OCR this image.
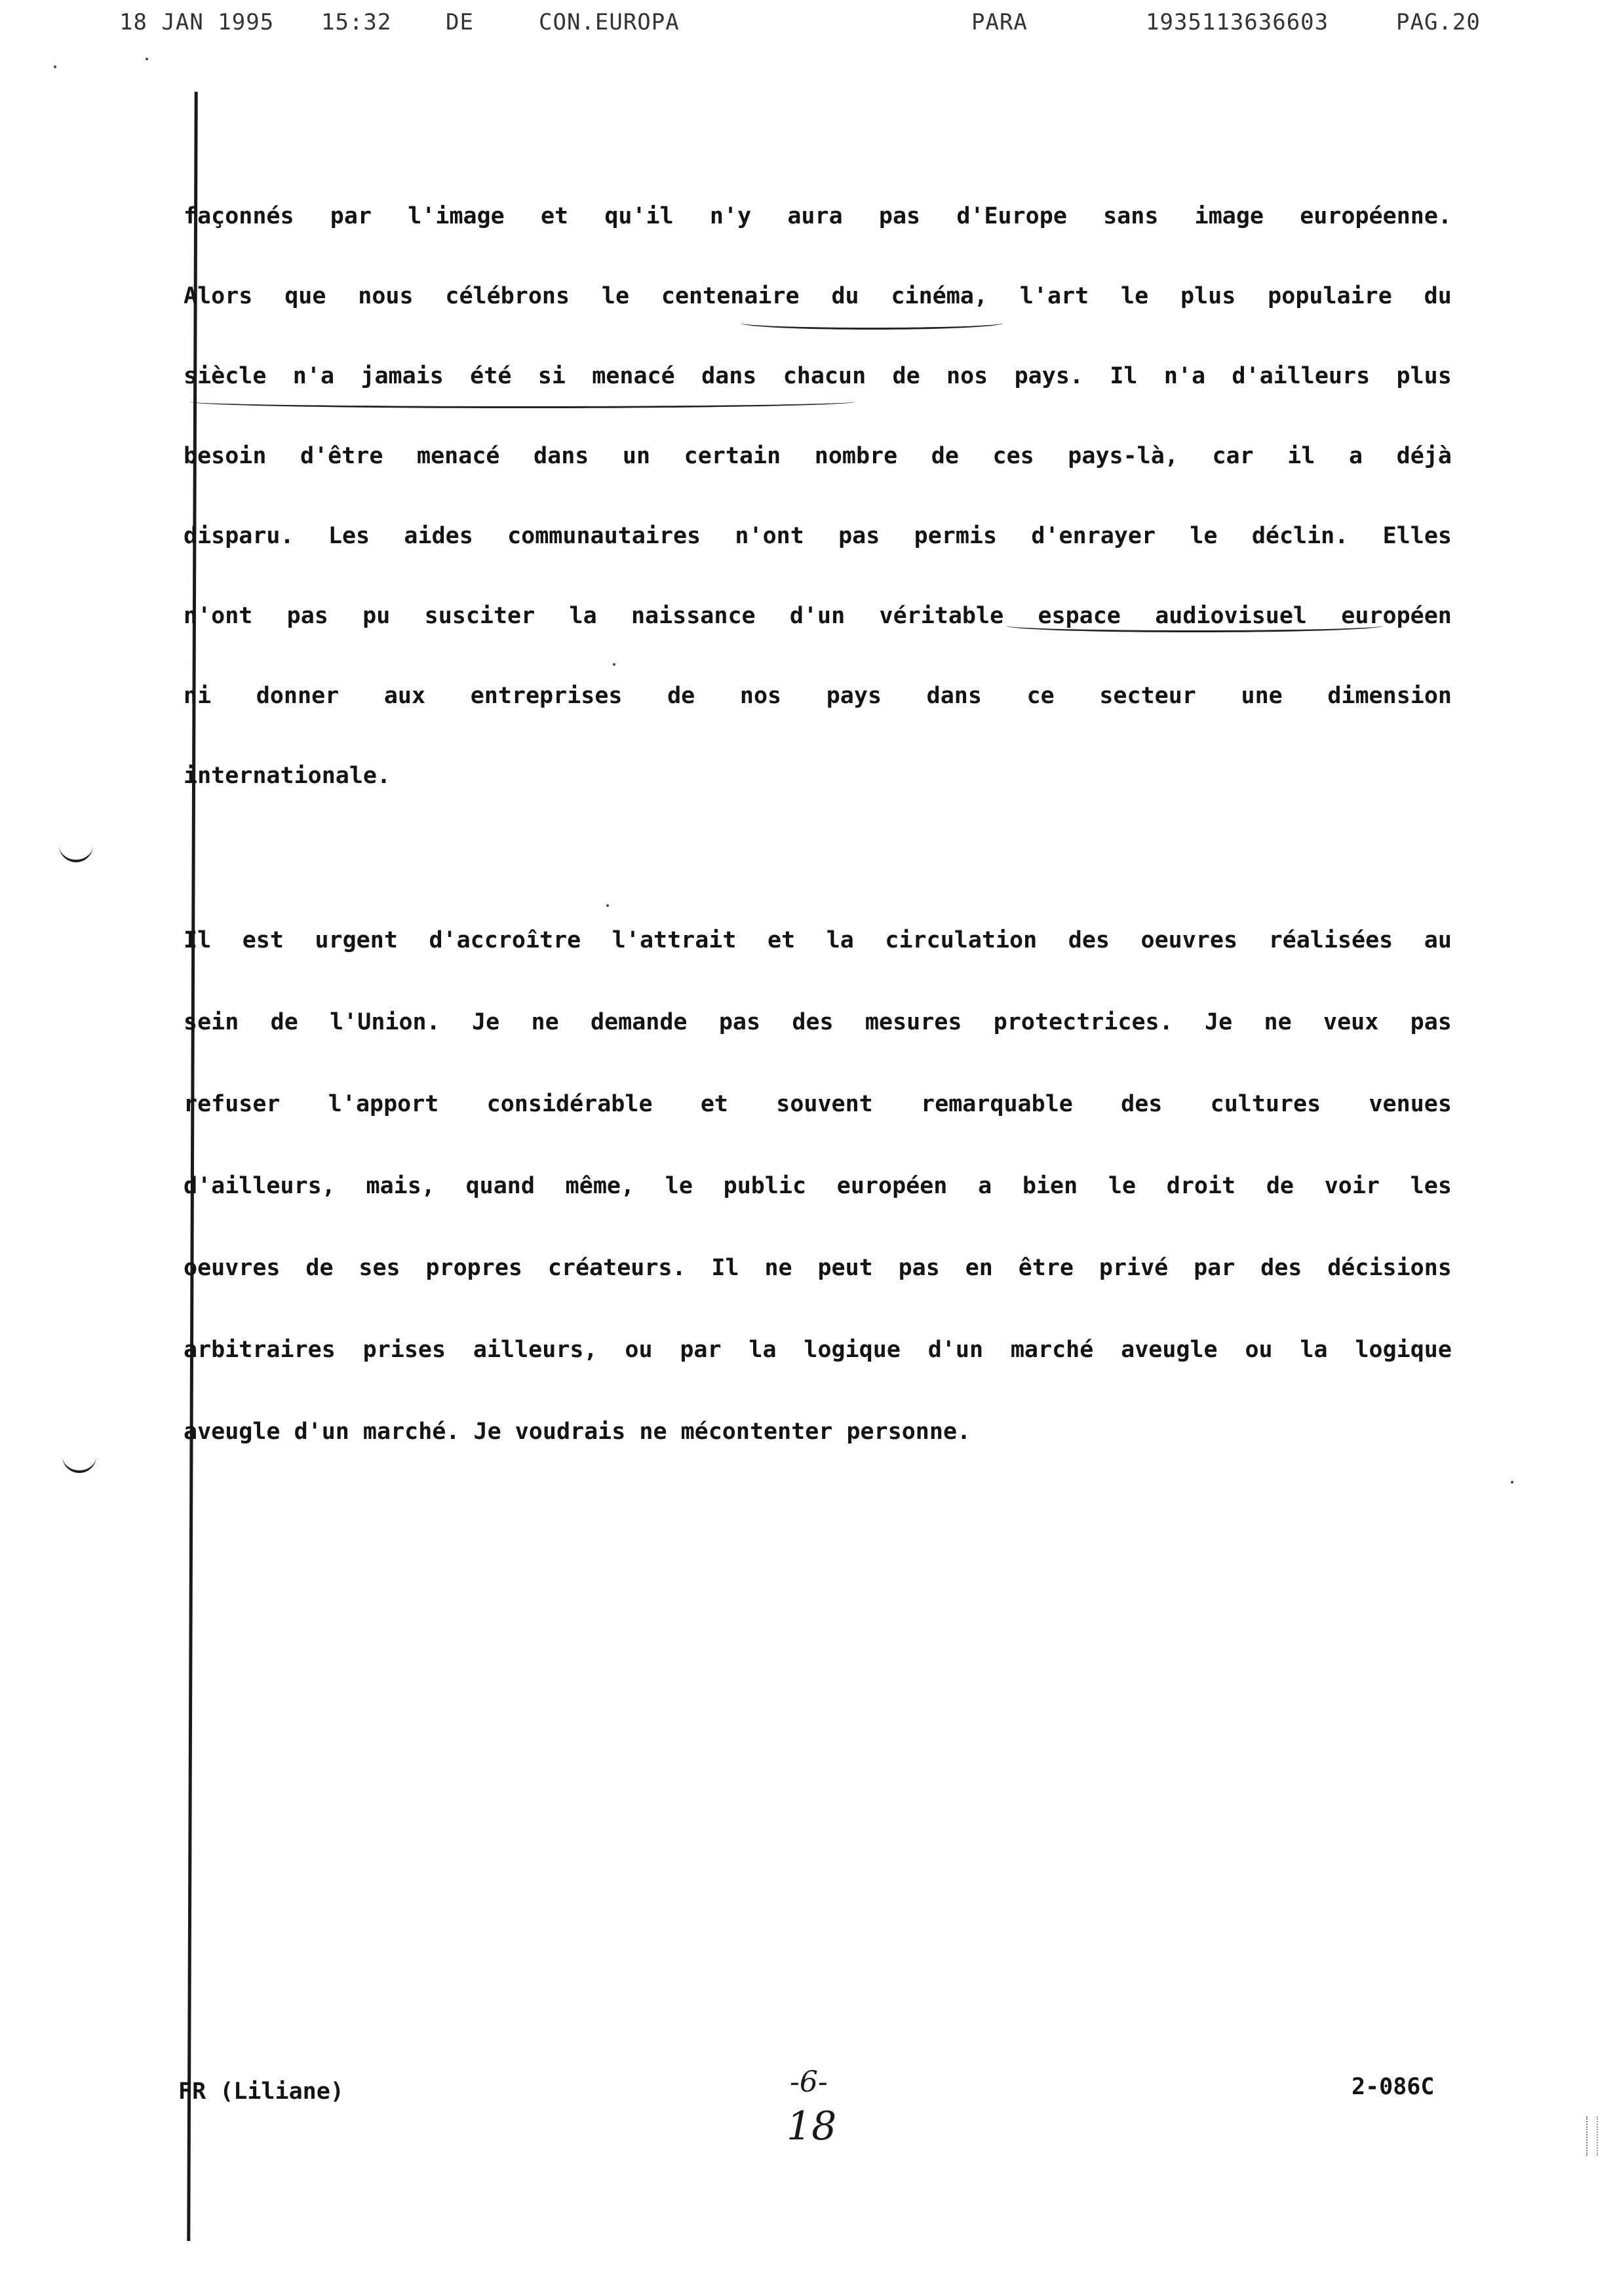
18 JAN 1995 15:32 DE	CON.EUROPA	PARA	1935113636603	PAG.20
façonnés par l'image et qu'il n'y aura pas d'Europe sans image européenne.
Alors que nous célébrons le centenaire du cinéma, l'art le plus populaire du
siècle n'a jamais été si menacé dans chacun de nos pays. Il n'a d'ailleurs plus
besoin d'être menacé dans un certain nombre de ces pays-là, car il a déjà
disparu. Les aides communautaires n'ont pas permis d'enrayer le déclin. Elles
n'ont pas pu susciter la naissance d'un véritable espace audiovisuel européen
ni donner aux entreprises de nos pays dans ce secteur une dimension
internationale.
Il est urgent d'accroître l'attrait et la circulation des oeuvres réalisées au
sein de l'Union. Je ne demande pas des mesures protectrices. Je ne veux pas
refuser l'apport considérable et souvent remarquable des cultures venues
d'ailleurs, mais, quand même, le public européen a bien le droit de voir les
oeuvres de ses propres créateurs. Il ne peut pas en être privé par des décisions
arbitraires prises ailleurs, ou par la logique d'un marché aveugle ou la logique
aveugle d'un marché. Je voudrais ne mécontenter personne.
FR (Liliane)	-6-
18
2-086C
